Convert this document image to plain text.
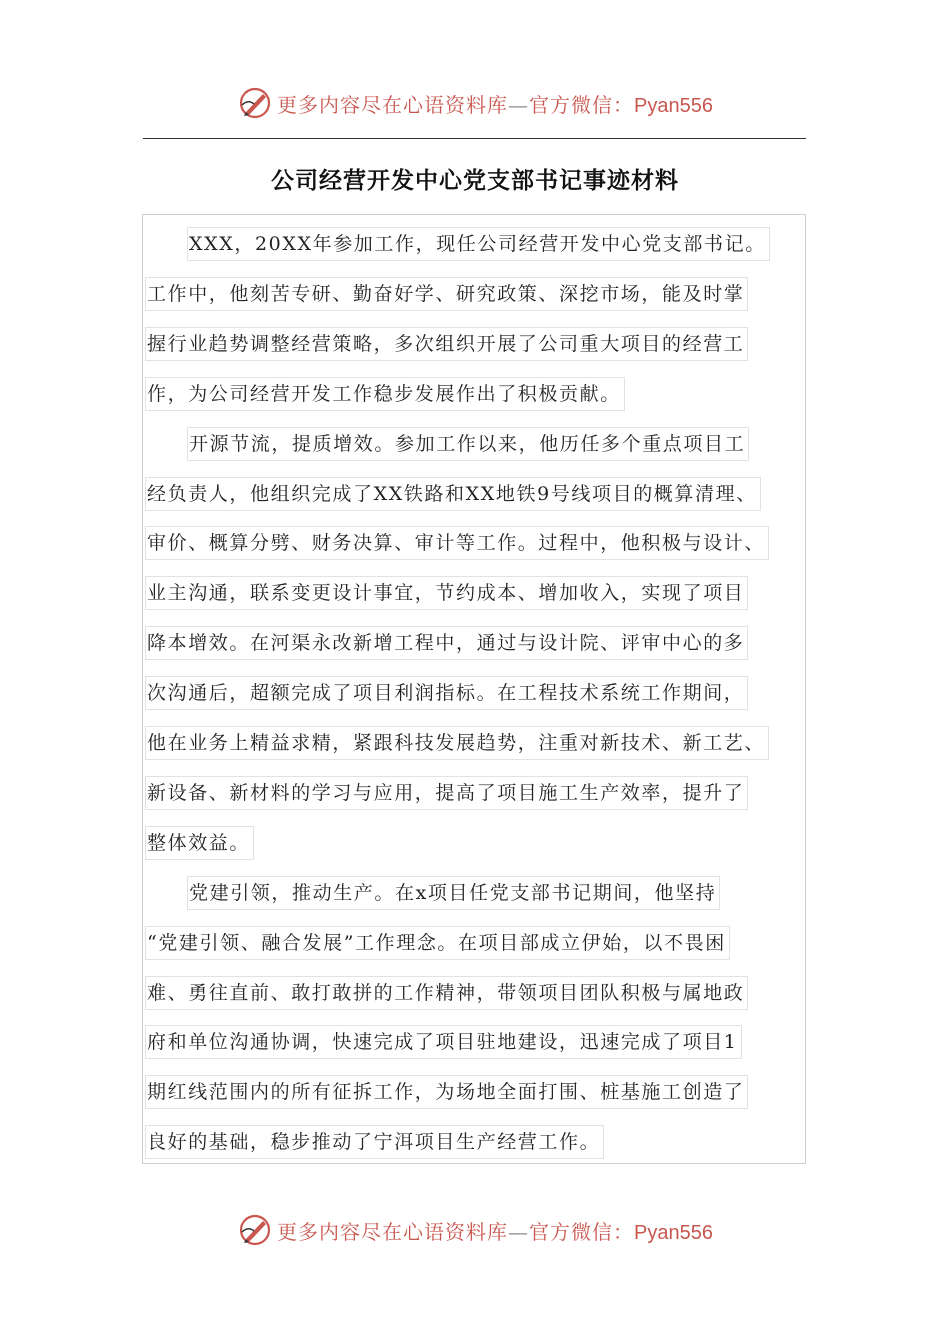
更多内容尽在心语资料库—官方微信：Pyan556
公司经营开发中心党支部书记事迹材料
XXX，20XX年参加工作，现任公司经营开发中心党支部书记。
工作中，他刻苦专研、勤奋好学、研究政策、深挖市场，能及时掌
握行业趋势调整经营策略，多次组织开展了公司重大项目的经营工
作，为公司经营开发工作稳步发展作出了积极贡献。
开源节流，提质增效。参加工作以来，他历任多个重点项目工
经负责人，他组织完成了XX铁路和XX地铁9号线项目的概算清理、
审价、概算分劈、财务决算、审计等工作。过程中，他积极与设计、
业主沟通，联系变更设计事宜，节约成本、增加收入，实现了项目
降本增效。在河渠永改新增工程中，通过与设计院、评审中心的多
次沟通后，超额完成了项目利润指标。在工程技术系统工作期间，
他在业务上精益求精，紧跟科技发展趋势，注重对新技术、新工艺、
新设备、新材料的学习与应用，提高了项目施工生产效率，提升了
整体效益。
党建引领，推动生产。在x项目任党支部书记期间，他坚持
“党建引领、融合发展”工作理念。在项目部成立伊始，以不畏困
难、勇往直前、敢打敢拼的工作精神，带领项目团队积极与属地政
府和单位沟通协调，快速完成了项目驻地建设，迅速完成了项目1
期红线范围内的所有征拆工作，为场地全面打围、桩基施工创造了
良好的基础，稳步推动了宁洱项目生产经营工作。
更多内容尽在心语资料库—官方微信：Pyan556
